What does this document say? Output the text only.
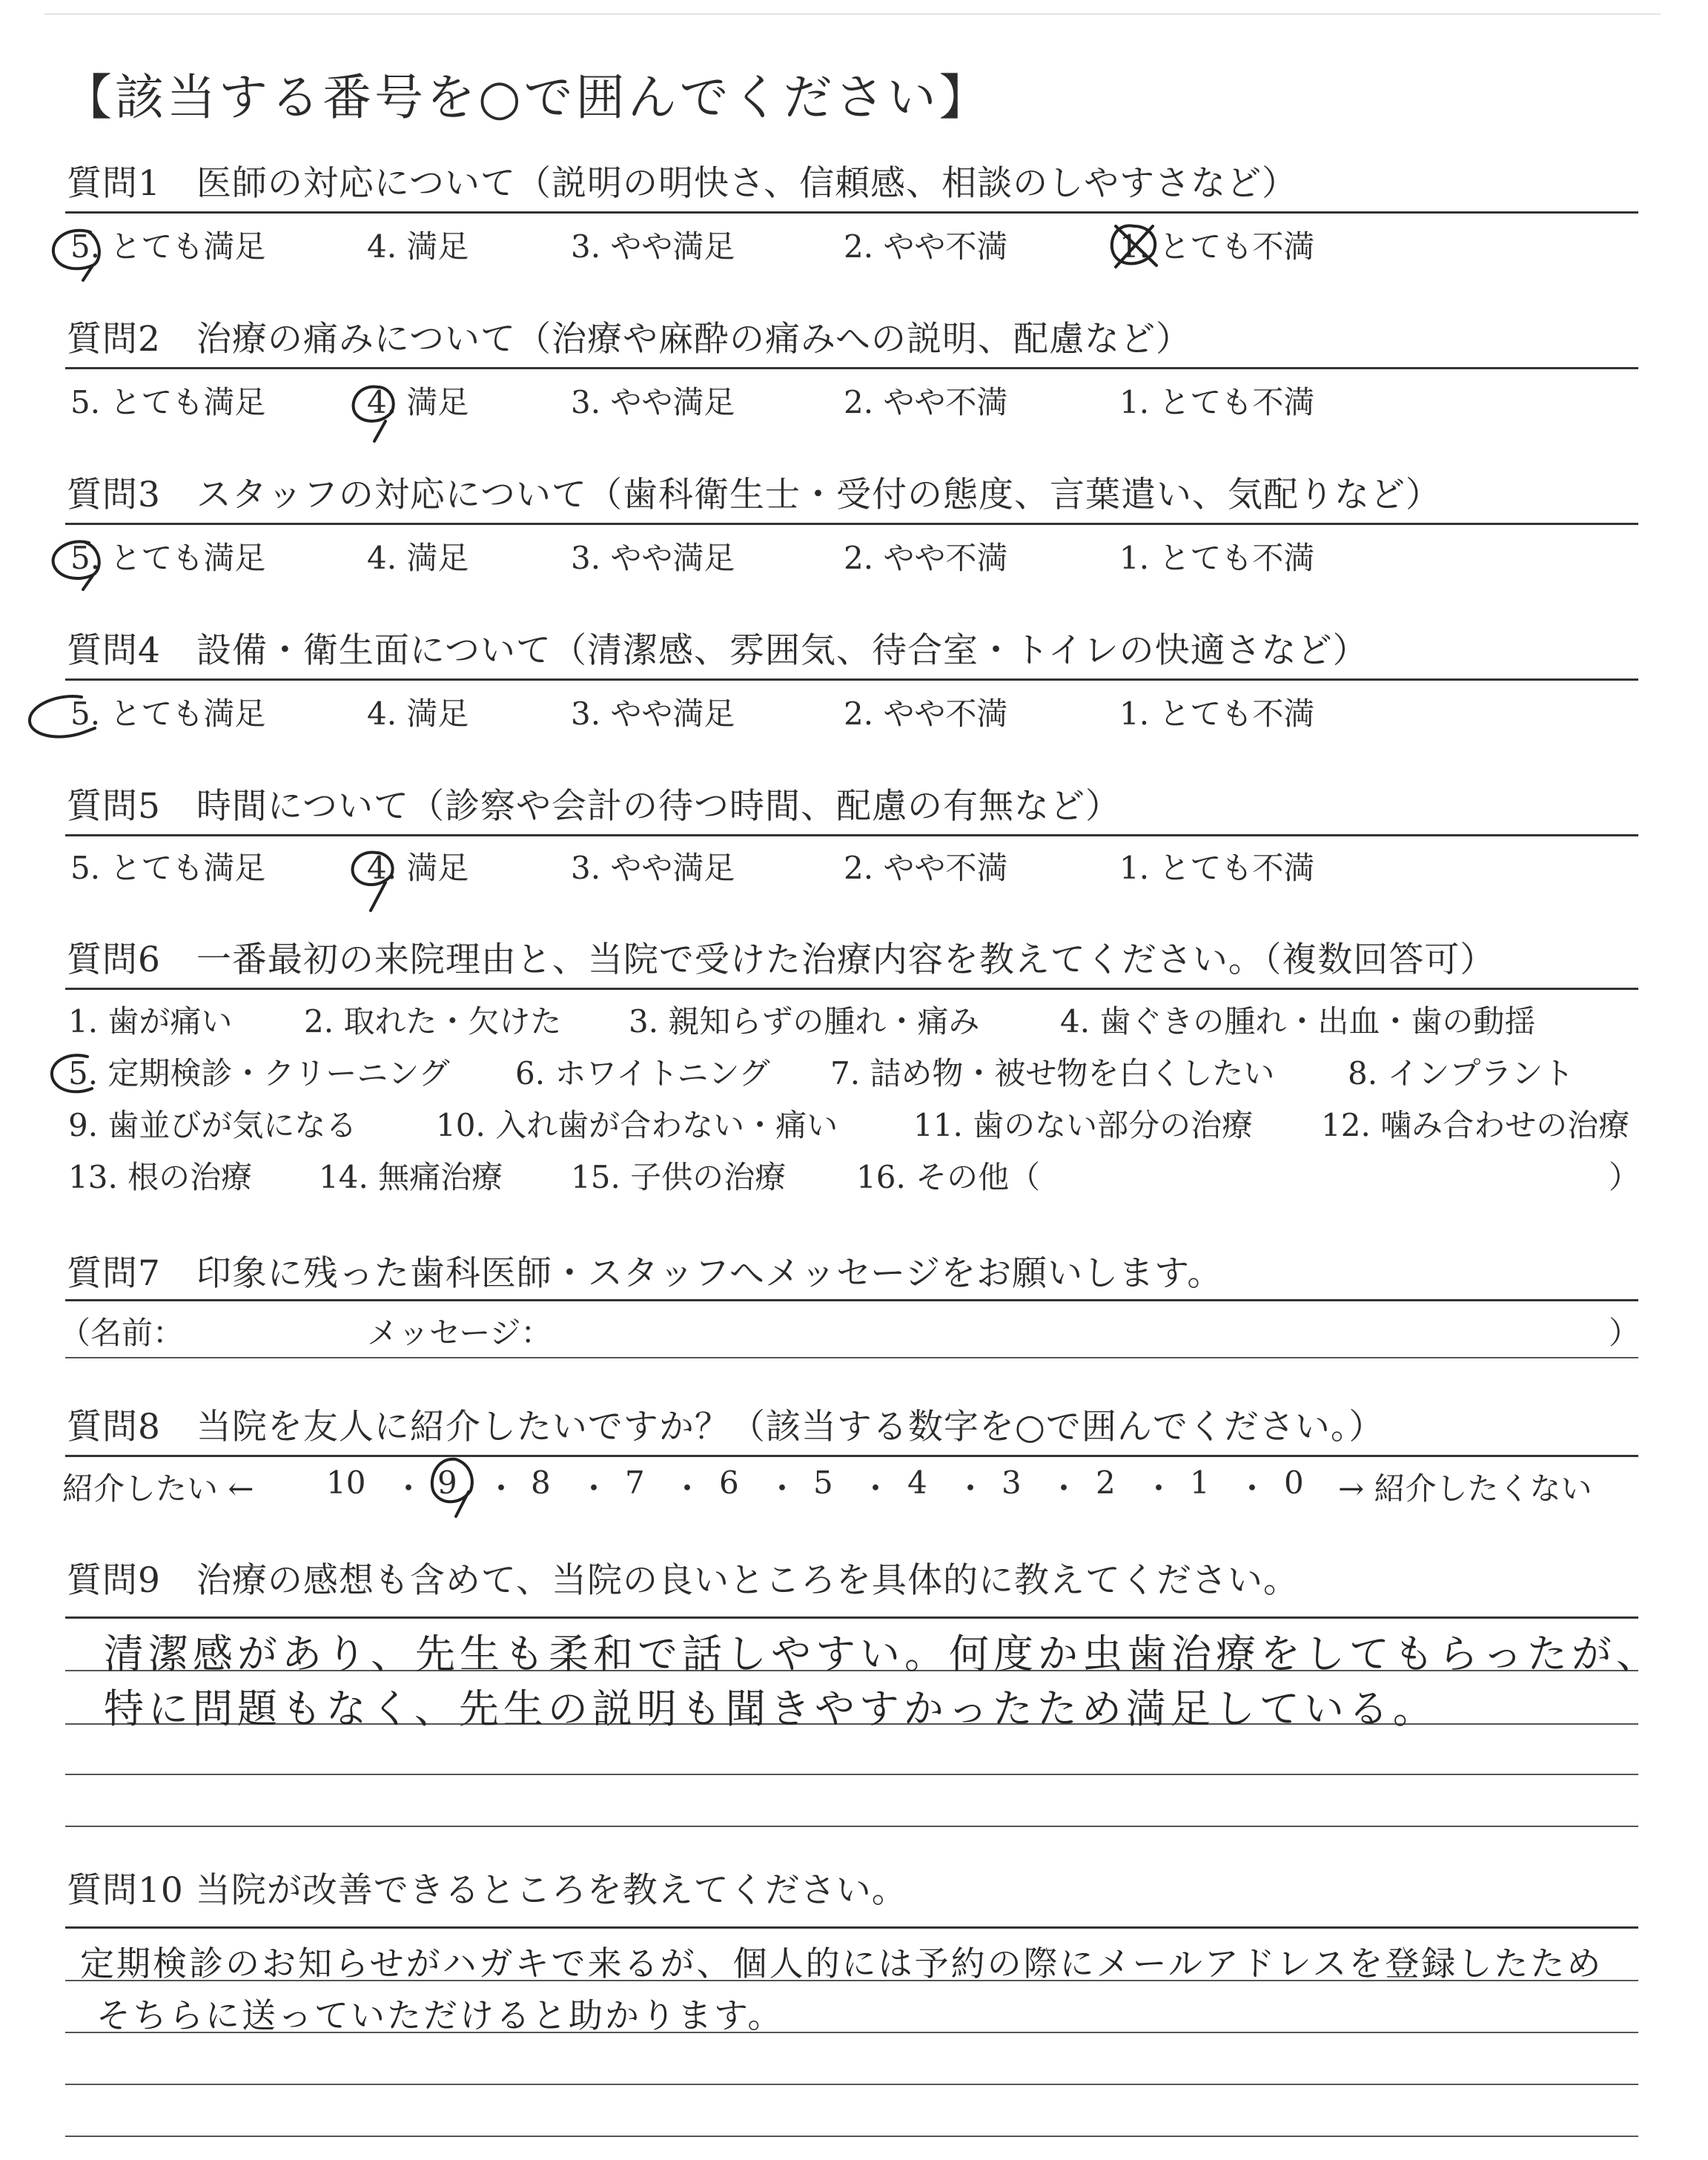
【該当する番号を○で囲んでください】
質問1　医師の対応について（説明の明快さ、信頼感、相談のしやすさなど）
5. とても満足	4. 満足	3. やや満足	2. やや不満	1. とても不満
質問2　治療の痛みについて（治療や麻酔の痛みへの説明、配慮など）
5. とても満足	4. 満足	3. やや満足	2. やや不満	1. とても不満
質問3　スタッフの対応について（歯科衛生士・受付の態度、言葉遣い、気配りなど）
5. とても満足	4. 満足	3. やや満足	2. やや不満	1. とても不満
質問4　設備・衛生面について（清潔感、雰囲気、待合室・トイレの快適さなど）
5. とても満足	4. 満足	3. やや満足	2. やや不満	1. とても不満
質問5　時間について（診察や会計の待つ時間、配慮の有無など）
5. とても満足	4. 満足	3. やや満足	2. やや不満	1. とても不満
質問6　一番最初の来院理由と、当院で受けた治療内容を教えてください。（複数回答可）
1. 歯が痛い 2. 取れた・欠けた 3. 親知らずの腫れ・痛み	4. 歯ぐきの腫れ・出血・歯の動揺
5. 定期検診・クリーニング 6. ホワイトニング 7. 詰め物・被せ物を白くしたい 8. インプラント
9. 歯並びが気になる	10. 入れ歯が合わない・痛い 11. 歯のない部分の治療 12. 噛み合わせの治療
13. 根の治療 14. 無痛治療 15. 子供の治療 16. その他（	）
質問7　印象に残った歯科医師・スタッフへメッセージをお願いします。
（名前：	メッセージ：	）
質問8　当院を友人に紹介したいですか？（該当する数字を○で囲んでください。）
紹介したい ← 10 ・ 9 ・ 8 ・ 7 ・ 6 ・ 5 ・ 4 ・ 3 ・ 2 ・ 1 ・ 0 → 紹介したくない
質問9　治療の感想も含めて、当院の良いところを具体的に教えてください。
清潔感があり、先生も柔和で話しやすい。何度か虫歯治療をしてもらったが、
特に問題もなく、先生の説明も聞きやすかったため満足している。
質問10 当院が改善できるところを教えてください。
定期検診のお知らせがハガキで来るが、個人的には予約の際にメールアドレスを登録したため
そちらに送っていただけると助かります。
